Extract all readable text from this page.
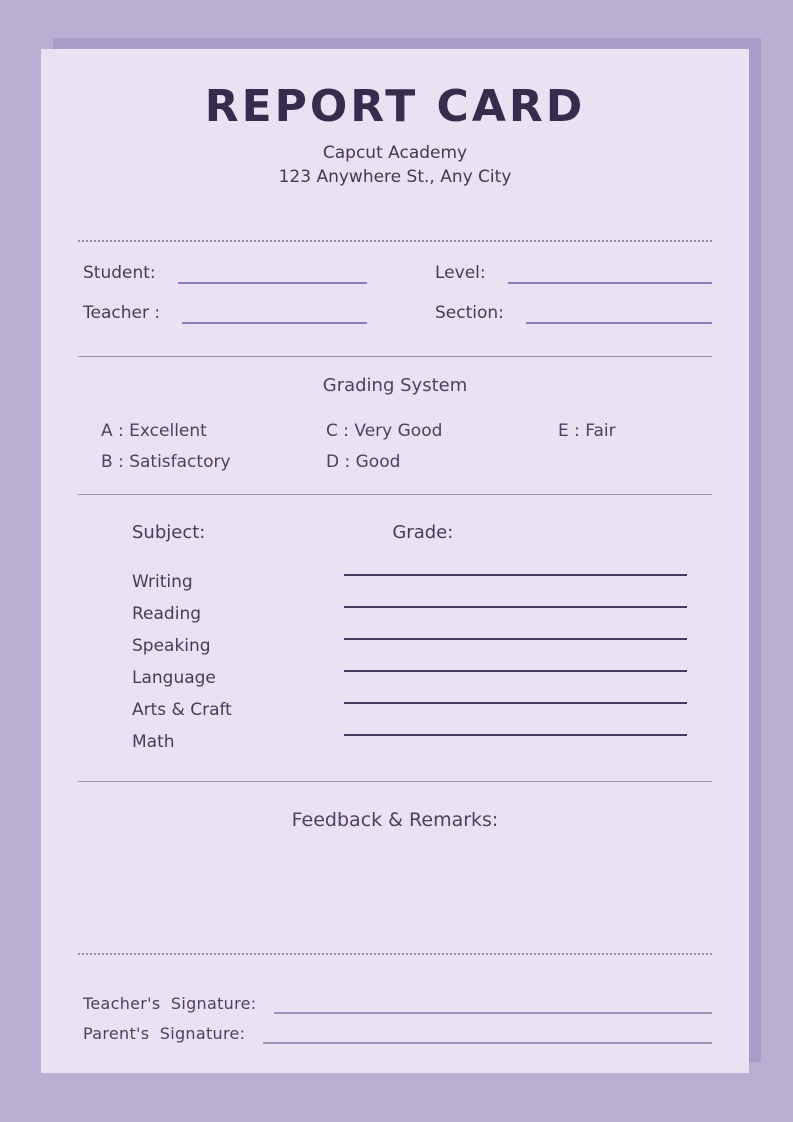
REPORT CARD
Capcut Academy
123 Anywhere St., Any City
Student:	Level:
Teacher :	Section:
Grading System
A : Excellent
B : Satisfactory
C : Very Good
D : Good
E : Fair
Subject:	Grade:
Writing
Reading
Speaking
Language
Arts & Craft
Math
Feedback & Remarks:
Teacher's Signature:
Parent's Signature:
